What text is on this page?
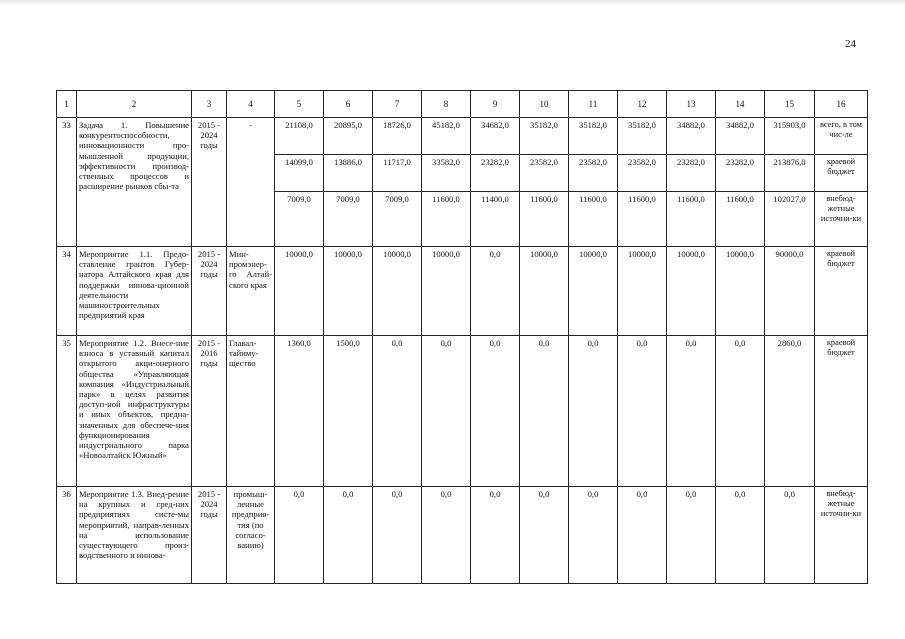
24
1	2	3	4	5	6	7	8	9	10	11	12	13	14	15	16
33	Задача 1. Повышение конкурентоспособности, инновационности про-мышленной продукции, эффективности производ-ственных процессов и расширение рынков сбы-та	2015 - 2024 годы	-	21108,0	20895,0	18726,0	45182,0	34682,0	35182,0	35182,0	35182,0	34882,0	34882,0	315903,0	всего, в том чис-ле
				14099,0	13886,0	11717,0	33582,0	23282,0	23582,0	23582,0	23582,0	23282,0	23282,0	213876,0	краевой бюджет
				7009,0	7009,0	7009,0	11600,0	11400,0	11600,0	11600,0	11600,0	11600,0	11600,0	102027,0	внебюд-жетные источни-ки
34	Мероприятие 1.1. Предо-ставление грантов Губер-натора Алтайского края для поддержки иннова-ционной деятельности машиностроительных предприятий края	2015 - 2024 годы	Мин-промэнер-го Алтай-ского края	10000,0	10000,0	10000,0	10000,0	0,0	10000,0	10000,0	10000,0	10000,0	10000,0	90000,0	краевой бюджет
35	Мероприятие 1.2. Внесе-ние взноса в уставный капитал открытого акци-онерного общества «Управляющая компания «Индустриальный парк» в целях развития доступ-ной инфраструктуры и иных объектов, предна-значенных для обеспече-ния функционирования индустриального парка «Новоалтайск Южный»	2015 - 2016 годы	Главал-тайиму-щество	1360,0	1500,0	0,0	0,0	0,0	0,0	0,0	0,0	0,0	0,0	2860,0	краевой бюджет
36	Мероприятие 1.3. Внед-рение на крупных и сред-них предприятиях систе-мы мероприятий, направ-ленных на использование существующего произ-водственного и иннова-	2015 - 2024 годы	промыш-ленные предприя-тия (по согласо-ванию)	0,0	0,0	0,0	0,0	0,0	0,0	0,0	0,0	0,0	0,0	0,0	внебюд-жетные источни-ки
